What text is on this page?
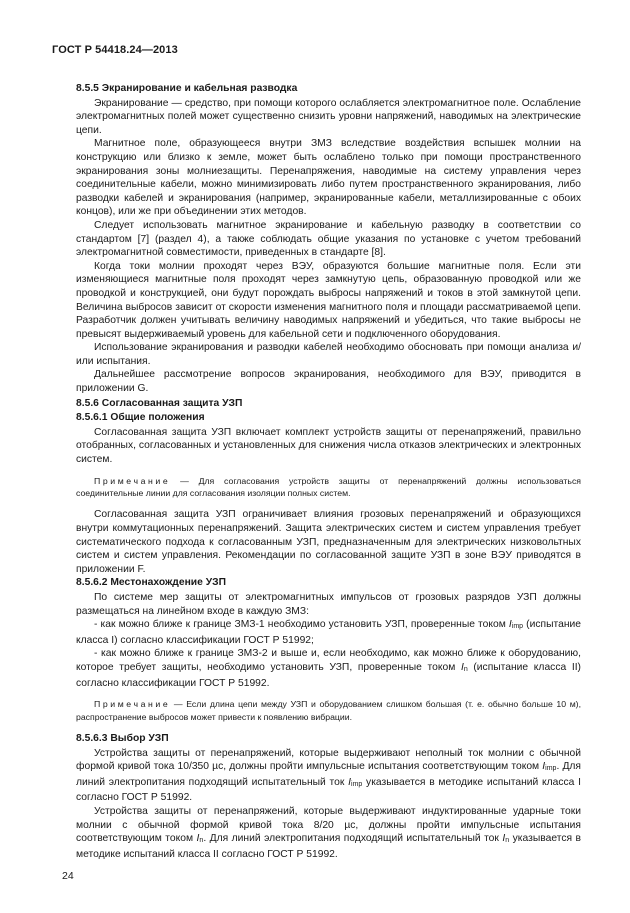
ГОСТ Р 54418.24—2013
8.5.5 Экранирование и кабельная разводка

Экранирование — средство, при помощи которого ослабляется электромагнитное поле. Ослабление электромагнитных полей может существенно снизить уровни напряжений, наводимых на электрические цепи.

Магнитное поле, образующееся внутри ЗМЗ вследствие воздействия вспышек молнии на конструкцию или близко к земле, может быть ослаблено только при помощи пространственного экранирования зоны молниезащиты. Перенапряжения, наводимые на систему управления через соединительные кабели, можно минимизировать либо путем пространственного экранирования, либо разводки кабелей и экранирования (например, экранированные кабели, металлизированные с обоих концов), или же при объединении этих методов.

Следует использовать магнитное экранирование и кабельную разводку в соответствии со стандартом [7] (раздел 4), а также соблюдать общие указания по установке с учетом требований электромагнитной совместимости, приведенных в стандарте [8].

Когда токи молнии проходят через ВЭУ, образуются большие магнитные поля. Если эти изменяющиеся магнитные поля проходят через замкнутую цепь, образованную проводкой или же проводкой и конструкцией, они будут порождать выбросы напряжений и токов в этой замкнутой цепи. Величина выбросов зависит от скорости изменения магнитного поля и площади рассматриваемой цепи. Разработчик должен учитывать величину наводимых напряжений и убедиться, что такие выбросы не превысят выдерживаемый уровень для кабельной сети и подключенного оборудования.

Использование экранирования и разводки кабелей необходимо обосновать при помощи анализа и/или испытания.

Дальнейшее рассмотрение вопросов экранирования, необходимого для ВЭУ, приводится в приложении G.

8.5.6 Согласованная защита УЗП
8.5.6.1 Общие положения

Согласованная защита УЗП включает комплект устройств защиты от перенапряжений, правильно отобранных, согласованных и установленных для снижения числа отказов электрических и электронных систем.

Примечание — Для согласования устройств защиты от перенапряжений должны использоваться соединительные линии для согласования изоляции полных систем.

Согласованная защита УЗП ограничивает влияния грозовых перенапряжений и образующихся внутри коммутационных перенапряжений. Защита электрических систем и систем управления требует систематического подхода к согласованным УЗП, предназначенным для электрических низковольтных систем и систем управления. Рекомендации по согласованной защите УЗП в зоне ВЭУ приводятся в приложении F.

8.5.6.2 Местонахождение УЗП

По системе мер защиты от электромагнитных импульсов от грозовых разрядов УЗП должны размещаться на линейном входе в каждую ЗМЗ:

- как можно ближе к границе ЗМЗ-1 необходимо установить УЗП, проверенные током Iimp (испытание класса I) согласно классификации ГОСТ Р 51992;

- как можно ближе к границе ЗМЗ-2 и выше и, если необходимо, как можно ближе к оборудованию, которое требует защиты, необходимо установить УЗП, проверенные током In (испытание класса II) согласно классификации ГОСТ Р 51992.

Примечание — Если длина цепи между УЗП и оборудованием слишком большая (т. е. обычно больше 10 м), распространение выбросов может привести к появлению вибрации.
8.5.6.3 Выбор УЗП

Устройства защиты от перенапряжений, которые выдерживают неполный ток молнии с обычной формой кривой тока 10/350 µс, должны пройти импульсные испытания соответствующим током Iimp. Для линий электропитания подходящий испытательный ток Iimp указывается в методике испытаний класса I согласно ГОСТ Р 51992.

Устройства защиты от перенапряжений, которые выдерживают индуктированные ударные токи молнии с обычной формой кривой тока 8/20 µс, должны пройти импульсные испытания соответствующим током In. Для линий электропитания подходящий испытательный ток In указывается в методике испытаний класса II согласно ГОСТ Р 51992.

24
